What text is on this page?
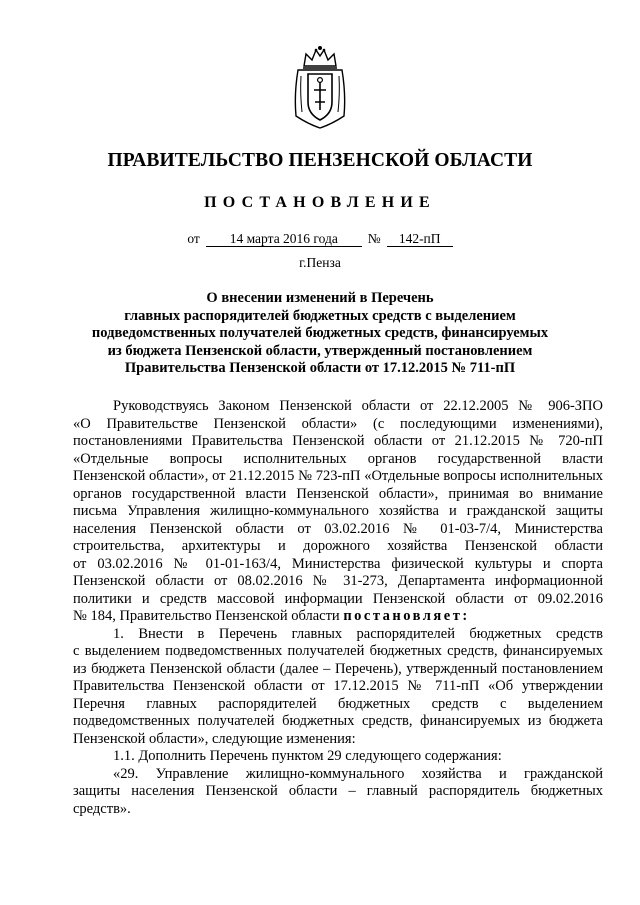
ПРАВИТЕЛЬСТВО ПЕНЗЕНСКОЙ ОБЛАСТИ
ПОСТАНОВЛЕНИЕ
от 14 марта 2016 года № 142-пП
г.Пенза
О внесении изменений в Перечень
главных распорядителей бюджетных средств с выделением
подведомственных получателей бюджетных средств, финансируемых
из бюджета Пензенской области, утвержденный постановлением
Правительства Пензенской области от 17.12.2015 № 711-пП
Руководствуясь Законом Пензенской области от 22.12.2005 № 906-ЗПО
«О Правительстве Пензенской области» (с последующими изменениями),
постановлениями Правительства Пензенской области от 21.12.2015 № 720-пП
«Отдельные вопросы исполнительных органов государственной власти
Пензенской области», от 21.12.2015 № 723-пП «Отдельные вопросы исполнительных
органов государственной власти Пензенской области», принимая во внимание
письма Управления жилищно-коммунального хозяйства и гражданской защиты
населения Пензенской области от 03.02.2016 № 01-03-7/4, Министерства
строительства, архитектуры и дорожного хозяйства Пензенской области
от 03.02.2016 № 01-01-163/4, Министерства физической культуры и спорта
Пензенской области от 08.02.2016 № 31-273, Департамента информационной
политики и средств массовой информации Пензенской области от 09.02.2016
№ 184, Правительство Пензенской области постановляет:
1. Внести в Перечень главных распорядителей бюджетных средств
с выделением подведомственных получателей бюджетных средств, финансируемых
из бюджета Пензенской области (далее – Перечень), утвержденный постановлением
Правительства Пензенской области от 17.12.2015 № 711-пП «Об утверждении
Перечня главных распорядителей бюджетных средств с выделением
подведомственных получателей бюджетных средств, финансируемых из бюджета
Пензенской области», следующие изменения:
1.1. Дополнить Перечень пунктом 29 следующего содержания:
«29. Управление жилищно-коммунального хозяйства и гражданской
защиты населения Пензенской области – главный распорядитель бюджетных
средств».
